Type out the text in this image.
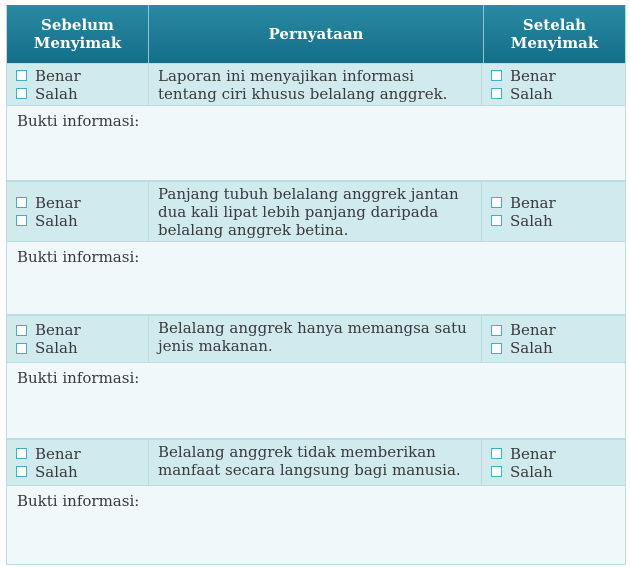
Sebelum Menyimak	Pernyataan	Setelah Menyimak
Benar
Salah
Laporan ini menyajikan informasi tentang ciri khusus belalang anggrek.
Benar
Salah
Bukti informasi:
Benar
Salah
Panjang tubuh belalang anggrek jantan dua kali lipat lebih panjang daripada belalang anggrek betina.
Benar
Salah
Bukti informasi:
Benar
Salah
Belalang anggrek hanya memangsa satu jenis makanan.
Benar
Salah
Bukti informasi:
Benar
Salah
Belalang anggrek tidak memberikan manfaat secara langsung bagi manusia.
Benar
Salah
Bukti informasi:
